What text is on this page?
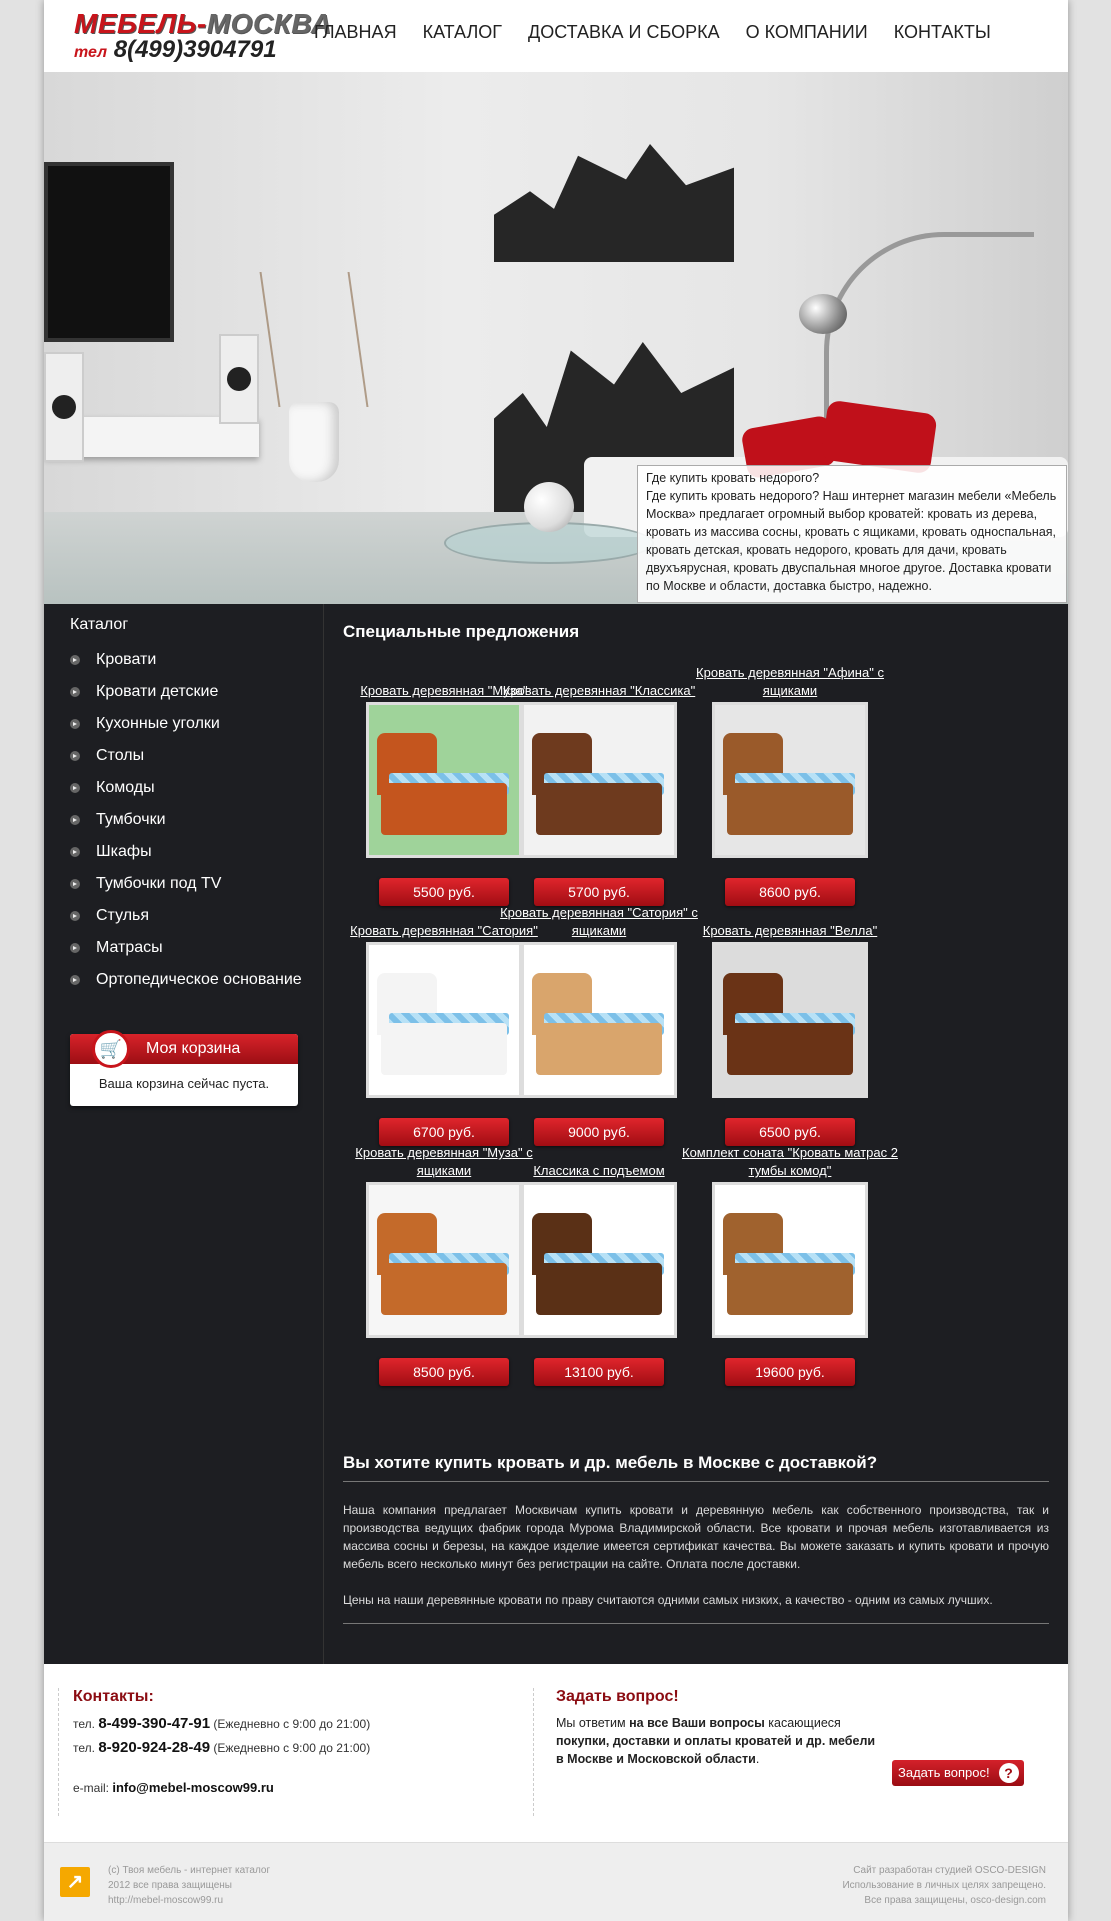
МЕБЕЛЬ-МОСКВА
тел 8(499)3904791
ГЛАВНАЯ КАТАЛОГ ДОСТАВКА И СБОРКА О КОМПАНИИ КОНТАКТЫ
Где купить кровать недорого?
Где купить кровать недорого? Наш интернет магазин мебели «Мебель Москва» предлагает огромный выбор кроватей: кровать из дерева, кровать из массива сосны, кровать с ящиками, кровать односпальная, кровать детская, кровать недорого, кровать для дачи, кровать двухъярусная, кровать двуспальная многое другое. Доставка кровати по Москве и области, доставка быстро, надежно.
Каталог
Кровати
Кровати детские
Кухонные уголки
Столы
Комоды
Тумбочки
Шкафы
Тумбочки под TV
Стулья
Матрасы
Ортопедическое основание
🛒	Моя корзина
Ваша корзина сейчас пуста.
Специальные предложения
Кровать деревянная "Муза"
5500 руб.
Кровать деревянная "Классика"
5700 руб.
Кровать деревянная "Афина" с ящиками
8600 руб.
Кровать деревянная "Сатория"
6700 руб.
Кровать деревянная "Сатория" с ящиками
9000 руб.
Кровать деревянная "Велла"
6500 руб.
Кровать деревянная "Муза" с ящиками
8500 руб.
Классика с подъемом
13100 руб.
Комплект соната "Кровать матрас 2 тумбы комод"
19600 руб.
Вы хотите купить кровать и др. мебель в Москве с доставкой?

Наша компания предлагает Москвичам купить кровати и деревянную мебель как собственного производства, так и производства ведущих фабрик города Мурома Владимирской области. Все кровати и прочая мебель изготавливается из массива сосны и березы, на каждое изделие имеется сертификат качества. Вы можете заказать и купить кровати и прочую мебель всего несколько минут без регистрации на сайте. Оплата после доставки.

Цены на наши деревянные кровати по праву считаются одними самых низких, а качество - одним из самых лучших.

Контакты:
тел. 8-499-390-47-91 (Ежедневно с 9:00 до 21:00)
тел. 8-920-924-28-49 (Ежедневно с 9:00 до 21:00)
e-mail: info@mebel-moscow99.ru
Задать вопрос!
Мы ответим на все Ваши вопросы касающиеся покупки, доставки и оплаты кроватей и др. мебели в Москве и Московской области.
Задать вопрос!	?
↗
(c) Твоя мебель - интернет каталог
2012 все права защищены
http://mebel-moscow99.ru
Сайт разработан студией OSCO-DESIGN
Использование в личных целях запрещено.
Все права защищены, osco-design.com
